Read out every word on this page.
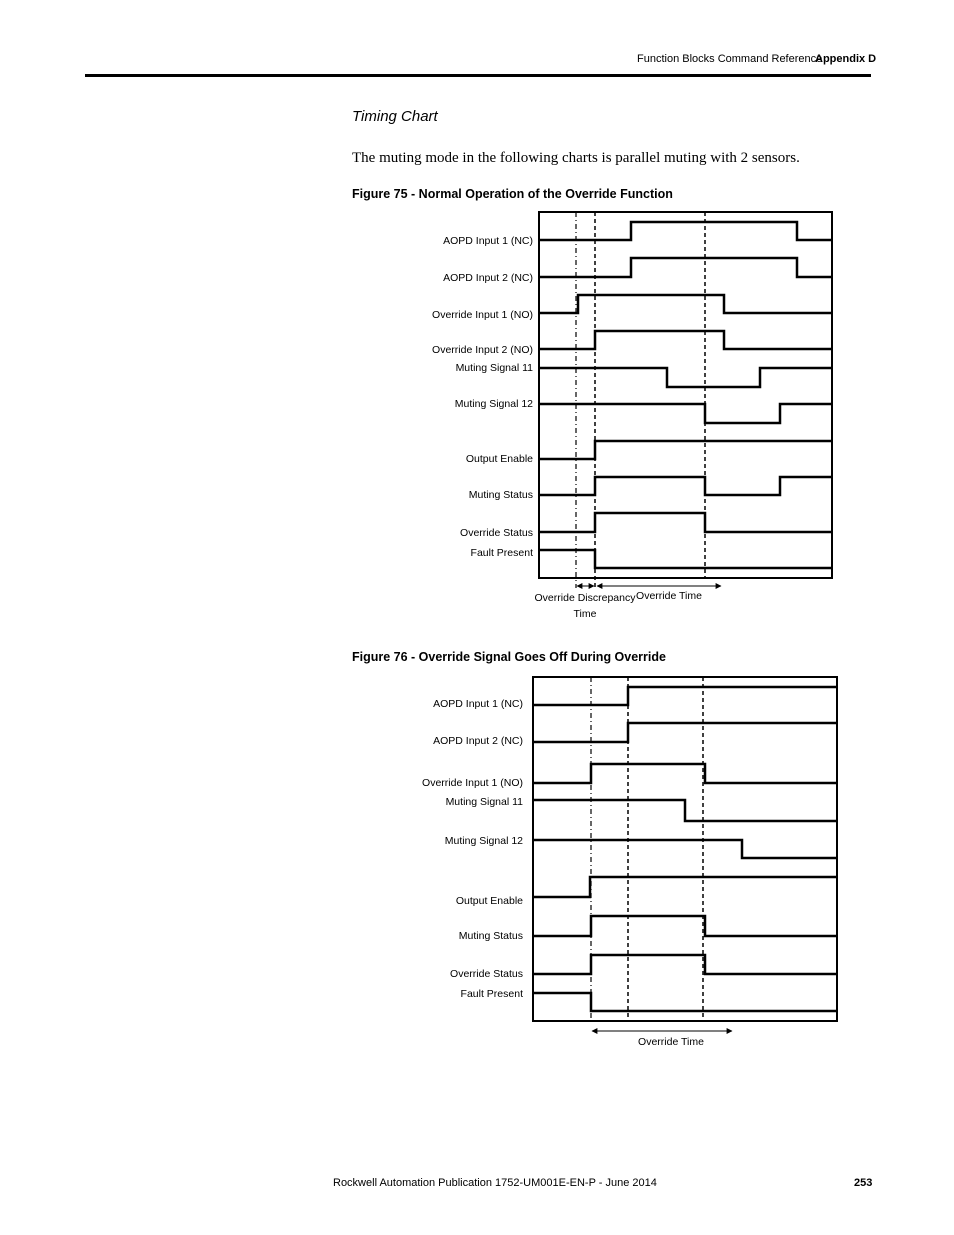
Function Blocks Command Reference
Appendix D
Timing Chart
The muting mode in the following charts is parallel muting with 2 sensors.
Figure 75 - Normal Operation of the Override Function
Figure 76 - Override Signal Goes Off During Override
AOPD Input 1 (NC)
AOPD Input 2 (NC)
Override Input 1 (NO)
Override Input 2 (NO)
Muting Signal 11
Muting Signal 12
Output Enable
Muting Status
Override Status
Fault Present
Override Discrepancy
Time
Override Time
AOPD Input 1 (NC)
AOPD Input 2 (NC)
Override Input 1 (NO)
Muting Signal 11
Muting Signal 12
Output Enable
Muting Status
Override Status
Fault Present
Override Time
Rockwell Automation Publication 1752-UM001E-EN-P - June 2014	253
